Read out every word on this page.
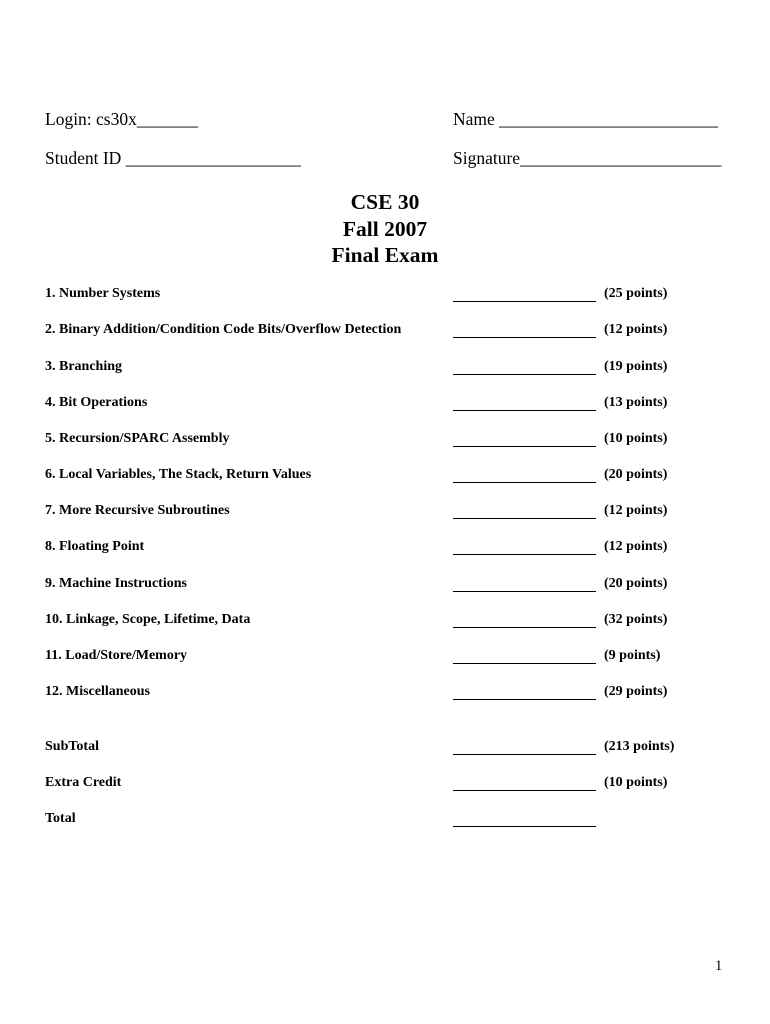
Login: cs30x_______	Name _________________________
Student ID ____________________	Signature_______________________
CSE 30
Fall 2007
Final Exam
1. Number Systems	(25 points)
2. Binary Addition/Condition Code Bits/Overflow Detection	(12 points)
3. Branching	(19 points)
4. Bit Operations	(13 points)
5. Recursion/SPARC Assembly	(10 points)
6. Local Variables, The Stack, Return Values	(20 points)
7. More Recursive Subroutines	(12 points)
8. Floating Point	(12 points)
9. Machine Instructions	(20 points)
10. Linkage, Scope, Lifetime, Data	(32 points)
11. Load/Store/Memory	(9 points)
12. Miscellaneous	(29 points)
SubTotal	(213 points)
Extra Credit	(10 points)
Total
1
